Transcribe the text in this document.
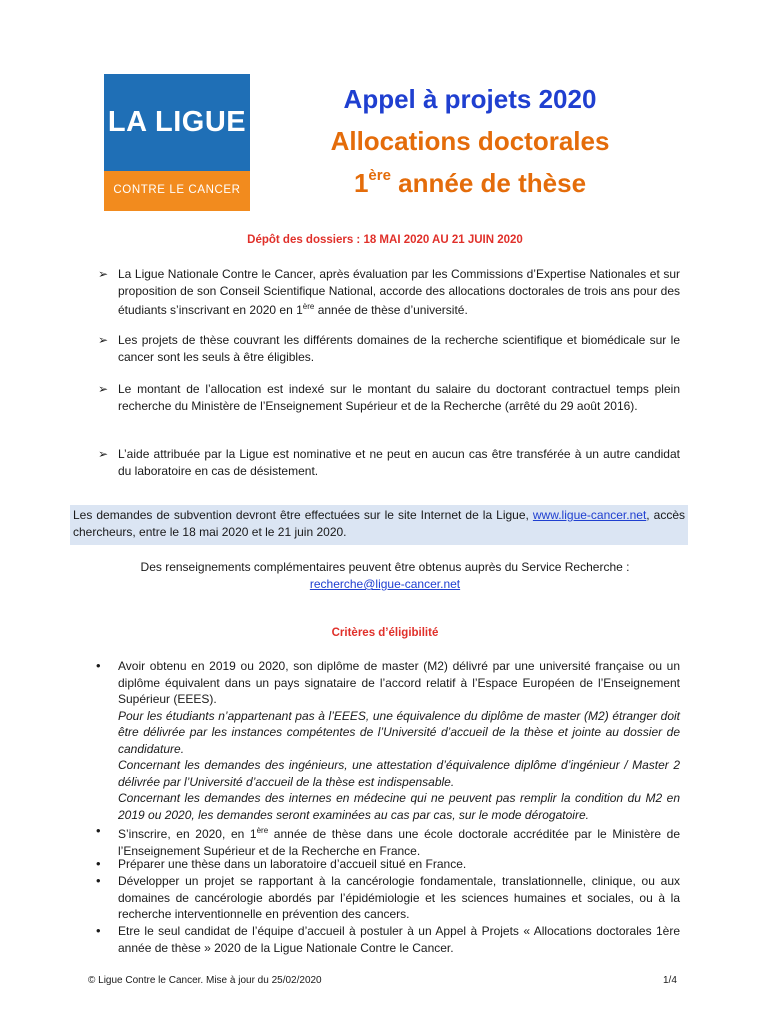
LA LIGUE
CONTRE LE CANCER
Appel à projets 2020
Allocations doctorales
1ère année de thèse
Dépôt des dossiers : 18 MAI 2020 AU 21 JUIN 2020
➢ La Ligue Nationale Contre le Cancer, après évaluation par les Commissions d’Expertise Nationales et sur proposition de son Conseil Scientifique National, accorde des allocations doctorales de trois ans pour des étudiants s’inscrivant en 2020 en 1ère année de thèse d’université.
➢ Les projets de thèse couvrant les différents domaines de la recherche scientifique et biomédicale sur le cancer sont les seuls à être éligibles.
➢ Le montant de l’allocation est indexé sur le montant du salaire du doctorant contractuel temps plein recherche du Ministère de l’Enseignement Supérieur et de la Recherche (arrêté du 29 août 2016).
➢ L’aide attribuée par la Ligue est nominative et ne peut en aucun cas être transférée à un autre candidat du laboratoire en cas de désistement.
Les demandes de subvention devront être effectuées sur le site Internet de la Ligue, www.ligue-cancer.net, accès chercheurs, entre le 18 mai 2020 et le 21 juin 2020.
Des renseignements complémentaires peuvent être obtenus auprès du Service Recherche :
recherche@ligue-cancer.net
Critères d’éligibilité
• Avoir obtenu en 2019 ou 2020, son diplôme de master (M2) délivré par une université française ou un diplôme équivalent dans un pays signataire de l’accord relatif à l’Espace Européen de l’Enseignement Supérieur (EEES).
Pour les étudiants n’appartenant pas à l’EEES, une équivalence du diplôme de master (M2) étranger doit être délivrée par les instances compétentes de l’Université d’accueil de la thèse et jointe au dossier de candidature.
Concernant les demandes des ingénieurs, une attestation d’équivalence diplôme d’ingénieur / Master 2 délivrée par l’Université d’accueil de la thèse est indispensable.
Concernant les demandes des internes en médecine qui ne peuvent pas remplir la condition du M2 en 2019 ou 2020, les demandes seront examinées au cas par cas, sur le mode dérogatoire.
• S’inscrire, en 2020, en 1ère année de thèse dans une école doctorale accréditée par le Ministère de l’Enseignement Supérieur et de la Recherche en France.
• Préparer une thèse dans un laboratoire d’accueil situé en France.
• Développer un projet se rapportant à la cancérologie fondamentale, translationnelle, clinique, ou aux domaines de cancérologie abordés par l’épidémiologie et les sciences humaines et sociales, ou à la recherche interventionnelle en prévention des cancers.
• Etre le seul candidat de l’équipe d’accueil à postuler à un Appel à Projets « Allocations doctorales 1ère année de thèse » 2020 de la Ligue Nationale Contre le Cancer.
© Ligue Contre le Cancer. Mise à jour du 25/02/2020	1/4
